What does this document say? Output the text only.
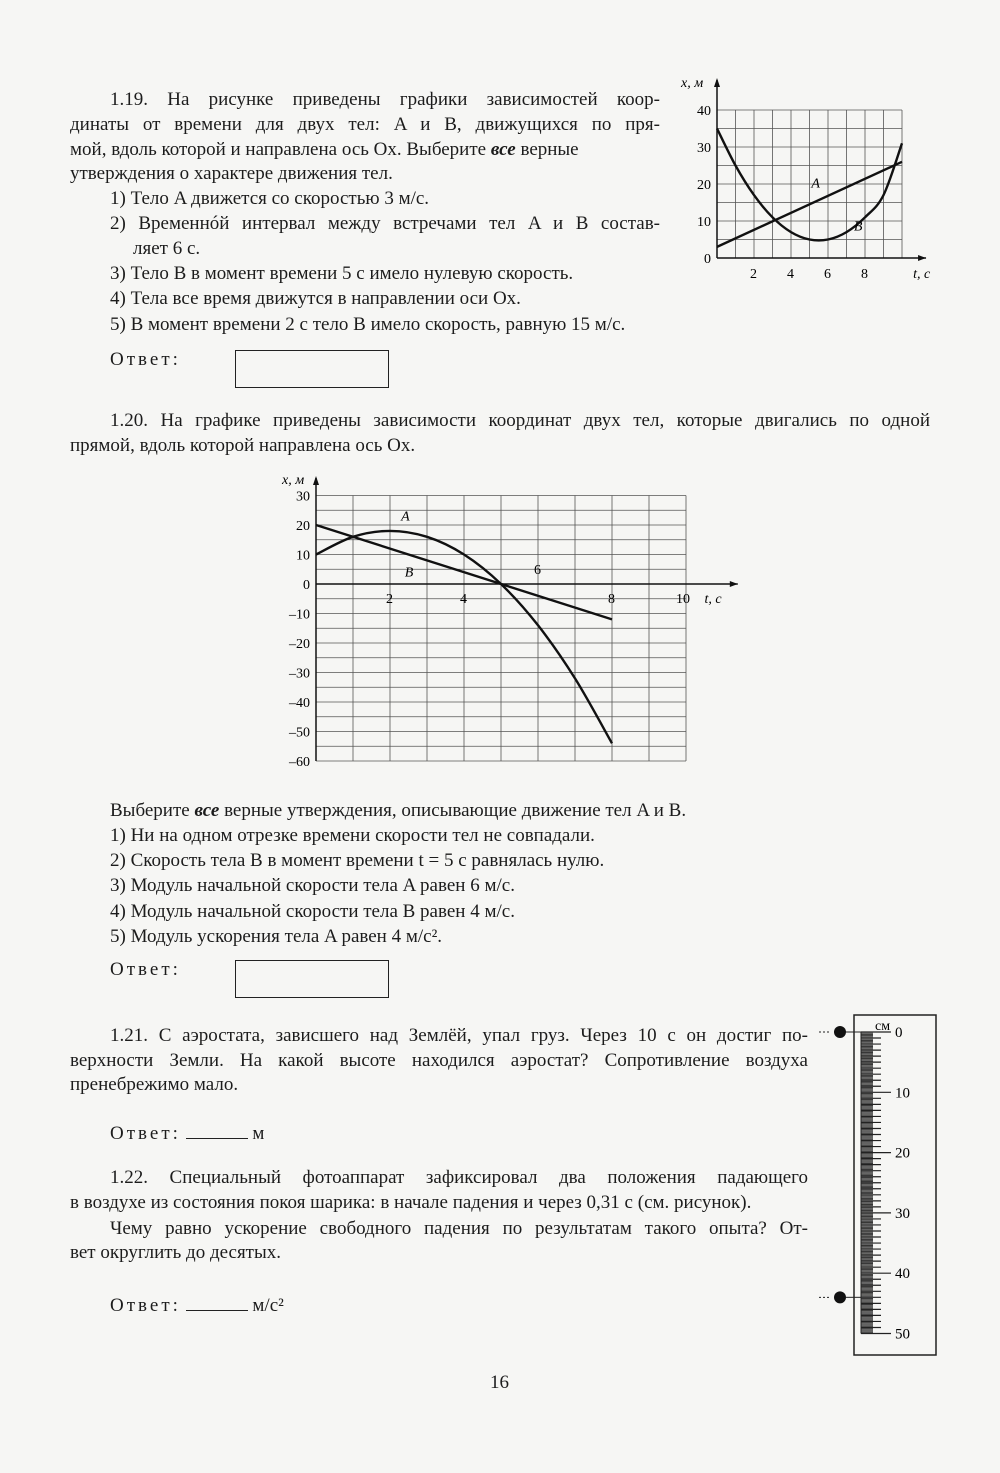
1.19. На рисунке приведены графики зависимостей коор-
динаты от времени для двух тел: A и B, движущихся по пря-
мой, вдоль которой и направлена ось Ox. Выберите все верные
утверждения о характере движения тел.
1) Тело A движется со скоростью 3 м/с.
2) Временнóй интервал между встречами тел A и B состав-
ляет 6 с.
3) Тело B в момент времени 5 с имело нулевую скорость.
4) Тела все время движутся в направлении оси Ox.
5) В момент времени 2 с тело B имело скорость, равную 15 м/с.
Ответ:
2 4 6 8
0
10
20
30
40
t, с
x, м
A
B
1.20. На графике приведены зависимости координат двух тел, которые двигались по одной
прямой, вдоль которой направлена ось Ox.
2	4
6
8	10
30
20
10
0
–10
–20
–30
–40
–50
–60
t, с
x, м
A
B
Выберите все верные утверждения, описывающие движение тел A и B.
1) Ни на одном отрезке времени скорости тел не совпадали.
2) Скорость тела B в момент времени t = 5 с равнялась нулю.
3) Модуль начальной скорости тела A равен 6 м/с.
4) Модуль начальной скорости тела B равен 4 м/с.
5) Модуль ускорения тела A равен 4 м/с².
Ответ:
1.21. С аэростата, зависшего над Землёй, упал груз. Через 10 с он достиг по-
верхности Земли. На какой высоте находился аэростат? Сопротивление воздуха
пренебрежимо мало.
Ответ:	м
1.22. Специальный фотоаппарат зафиксировал два положения падающего
в воздухе из состояния покоя шарика: в начале падения и через 0,31 с (см. рисунок).
Чему равно ускорение свободного падения по результатам такого опыта? От-
вет округлить до десятых.
Ответ:	м/с²
см 0
10
20
30
40
50
16
